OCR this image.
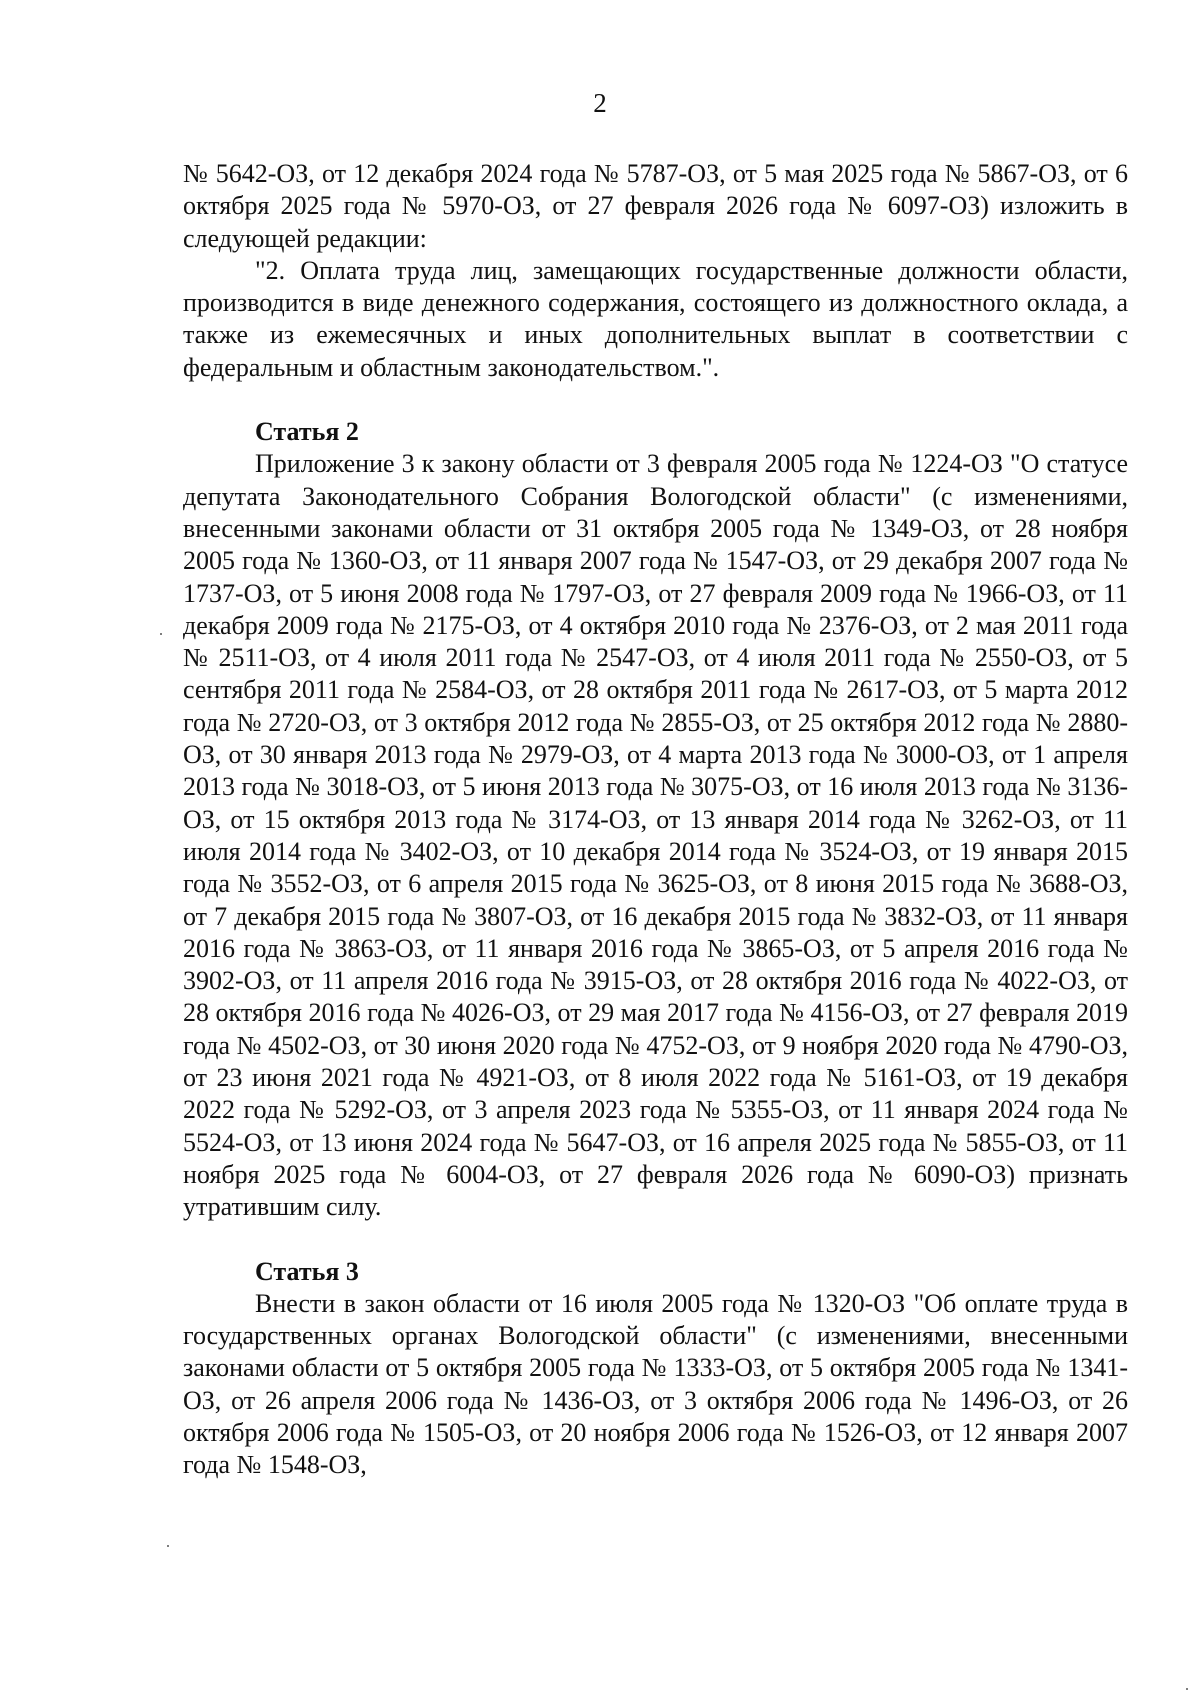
2

№ 5642-ОЗ, от 12 декабря 2024 года № 5787-ОЗ, от 5 мая 2025 года № 5867-ОЗ, от 6 октября 2025 года № 5970-ОЗ, от 27 февраля 2026 года № 6097-ОЗ) изложить в следующей редакции:

"2. Оплата труда лиц, замещающих государственные должности области, производится в виде денежного содержания, состоящего из должностного оклада, а также из ежемесячных и иных дополнительных выплат в соответствии с федеральным и областным законодательством.".

Статья 2

Приложение 3 к закону области от 3 февраля 2005 года № 1224-ОЗ "О статусе депутата Законодательного Собрания Вологодской области" (с изменениями, внесенными законами области от 31 октября 2005 года № 1349-ОЗ, от 28 ноября 2005 года № 1360-ОЗ, от 11 января 2007 года № 1547-ОЗ, от 29 декабря 2007 года № 1737-ОЗ, от 5 июня 2008 года № 1797-ОЗ, от 27 февраля 2009 года № 1966-ОЗ, от 11 декабря 2009 года № 2175-ОЗ, от 4 октября 2010 года № 2376-ОЗ, от 2 мая 2011 года № 2511-ОЗ, от 4 июля 2011 года № 2547-ОЗ, от 4 июля 2011 года № 2550-ОЗ, от 5 сентября 2011 года № 2584-ОЗ, от 28 октября 2011 года № 2617-ОЗ, от 5 марта 2012 года № 2720-ОЗ, от 3 октября 2012 года № 2855-ОЗ, от 25 октября 2012 года № 2880-ОЗ, от 30 января 2013 года № 2979-ОЗ, от 4 марта 2013 года № 3000-ОЗ, от 1 апреля 2013 года № 3018-ОЗ, от 5 июня 2013 года № 3075-ОЗ, от 16 июля 2013 года № 3136-ОЗ, от 15 октября 2013 года № 3174-ОЗ, от 13 января 2014 года № 3262-ОЗ, от 11 июля 2014 года № 3402-ОЗ, от 10 декабря 2014 года № 3524-ОЗ, от 19 января 2015 года № 3552-ОЗ, от 6 апреля 2015 года № 3625-ОЗ, от 8 июня 2015 года № 3688-ОЗ, от 7 декабря 2015 года № 3807-ОЗ, от 16 декабря 2015 года № 3832-ОЗ, от 11 января 2016 года № 3863-ОЗ, от 11 января 2016 года № 3865-ОЗ, от 5 апреля 2016 года № 3902-ОЗ, от 11 апреля 2016 года № 3915-ОЗ, от 28 октября 2016 года № 4022-ОЗ, от 28 октября 2016 года № 4026-ОЗ, от 29 мая 2017 года № 4156-ОЗ, от 27 февраля 2019 года № 4502-ОЗ, от 30 июня 2020 года № 4752-ОЗ, от 9 ноября 2020 года № 4790-ОЗ, от 23 июня 2021 года № 4921-ОЗ, от 8 июля 2022 года № 5161-ОЗ, от 19 декабря 2022 года № 5292-ОЗ, от 3 апреля 2023 года № 5355-ОЗ, от 11 января 2024 года № 5524-ОЗ, от 13 июня 2024 года № 5647-ОЗ, от 16 апреля 2025 года № 5855-ОЗ, от 11 ноября 2025 года № 6004-ОЗ, от 27 февраля 2026 года № 6090-ОЗ) признать утратившим силу.

Статья 3

Внести в закон области от 16 июля 2005 года № 1320-ОЗ "Об оплате труда в государственных органах Вологодской области" (с изменениями, внесенными законами области от 5 октября 2005 года № 1333-ОЗ, от 5 октября 2005 года № 1341-ОЗ, от 26 апреля 2006 года № 1436-ОЗ, от 3 октября 2006 года № 1496-ОЗ, от 26 октября 2006 года № 1505-ОЗ, от 20 ноября 2006 года № 1526-ОЗ, от 12 января 2007 года № 1548-ОЗ,
